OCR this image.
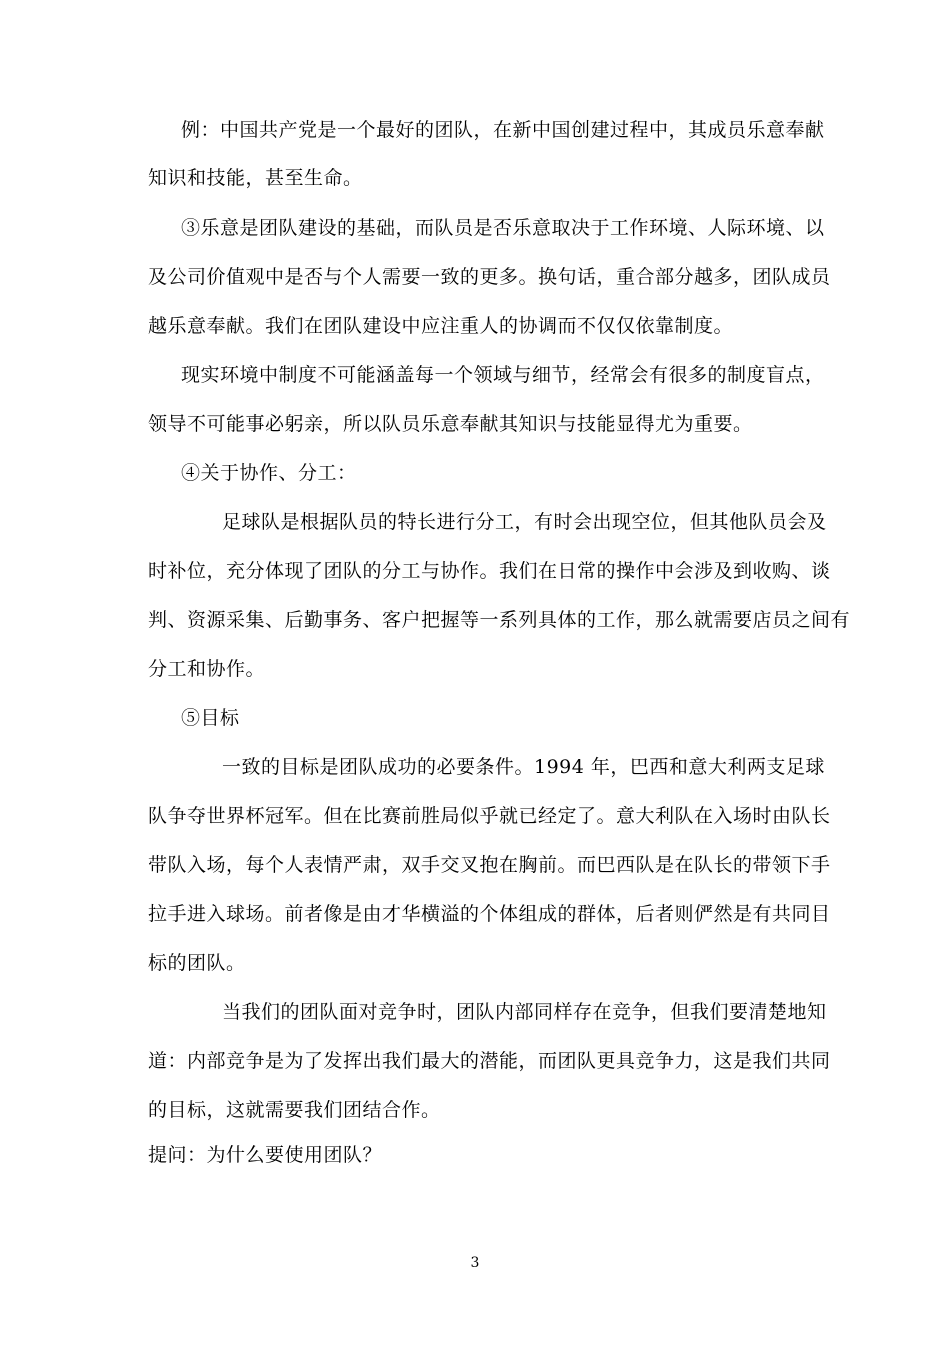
例：中国共产党是一个最好的团队，在新中国创建过程中，其成员乐意奉献
知识和技能，甚至生命。
③乐意是团队建设的基础，而队员是否乐意取决于工作环境、人际环境、以
及公司价值观中是否与个人需要一致的更多。换句话，重合部分越多，团队成员
越乐意奉献。我们在团队建设中应注重人的协调而不仅仅依靠制度。
现实环境中制度不可能涵盖每一个领域与细节，经常会有很多的制度盲点，
领导不可能事必躬亲，所以队员乐意奉献其知识与技能显得尤为重要。
④关于协作、分工：
足球队是根据队员的特长进行分工，有时会出现空位，但其他队员会及
时补位，充分体现了团队的分工与协作。我们在日常的操作中会涉及到收购、谈
判、资源采集、后勤事务、客户把握等一系列具体的工作，那么就需要店员之间有
分工和协作。
⑤目标
一致的目标是团队成功的必要条件。1994 年，巴西和意大利两支足球
队争夺世界杯冠军。但在比赛前胜局似乎就已经定了。意大利队在入场时由队长
带队入场，每个人表情严肃，双手交叉抱在胸前。而巴西队是在队长的带领下手
拉手进入球场。前者像是由才华横溢的个体组成的群体，后者则俨然是有共同目
标的团队。
当我们的团队面对竞争时，团队内部同样存在竞争，但我们要清楚地知
道：内部竞争是为了发挥出我们最大的潜能，而团队更具竞争力，这是我们共同
的目标，这就需要我们团结合作。
提问：为什么要使用团队？
3
